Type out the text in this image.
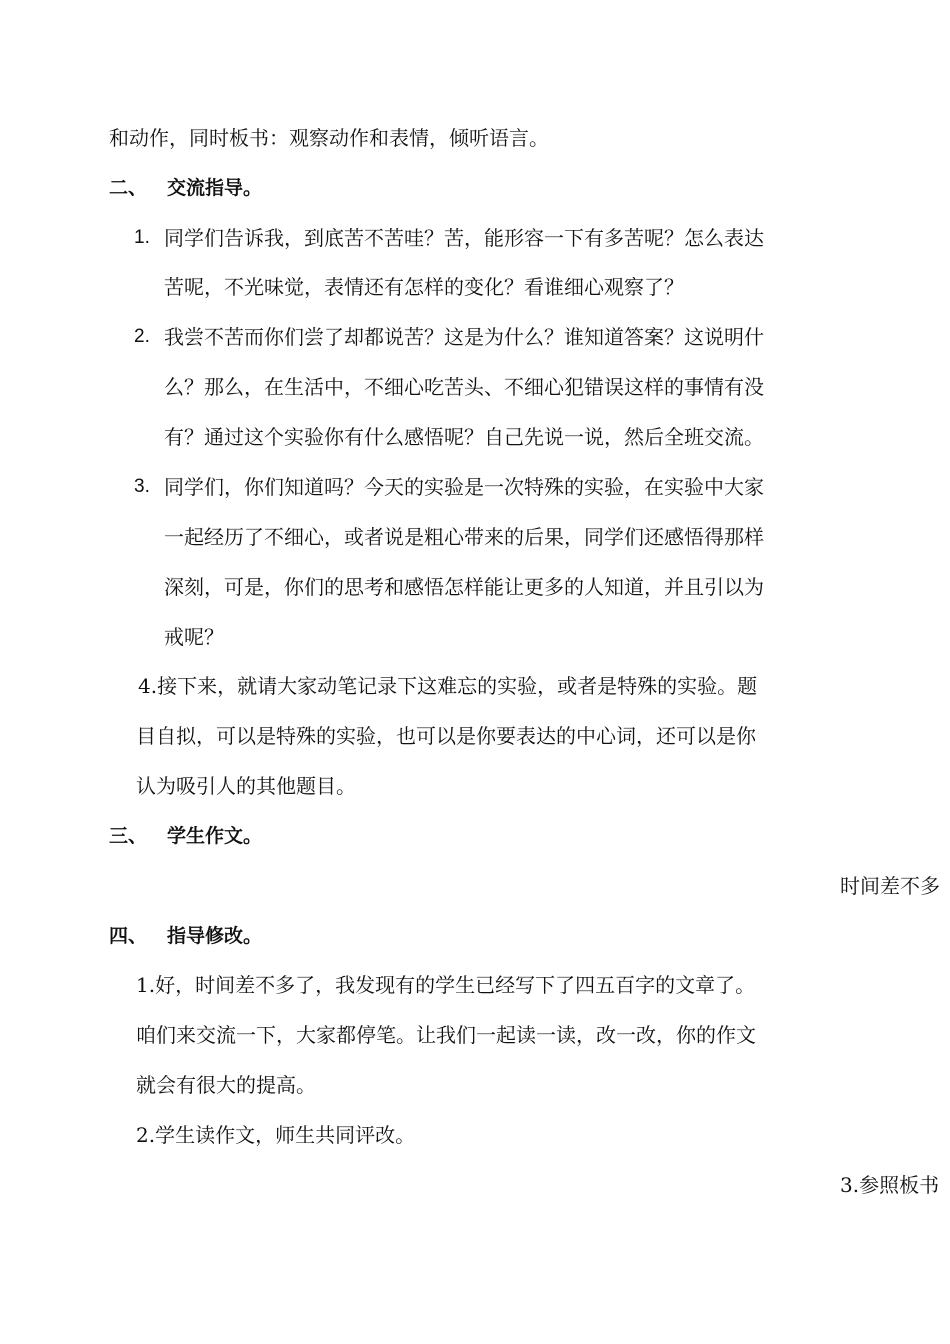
和动作，同时板书：观察动作和表情，倾听语言。

二、 交流指导。
1. 同学们告诉我，到底苦不苦哇？苦，能形容一下有多苦呢？怎么表达

苦呢，不光味觉，表情还有怎样的变化？看谁细心观察了？

2. 我尝不苦而你们尝了却都说苦？这是为什么？谁知道答案？这说明什

么？那么，在生活中，不细心吃苦头、不细心犯错误这样的事情有没

有？通过这个实验你有什么感悟呢？自己先说一说，然后全班交流。

3. 同学们，你们知道吗？今天的实验是一次特殊的实验，在实验中大家

一起经历了不细心，或者说是粗心带来的后果，同学们还感悟得那样

深刻，可是，你们的思考和感悟怎样能让更多的人知道，并且引以为

戒呢？

4.接下来，就请大家动笔记录下这难忘的实验，或者是特殊的实验。题

目自拟，可以是特殊的实验，也可以是你要表达的中心词，还可以是你

认为吸引人的其他题目。

三、 学生作文。

时间差不多

四、 指导修改。

1.好，时间差不多了，我发现有的学生已经写下了四五百字的文章了。

咱们来交流一下，大家都停笔。让我们一起读一读，改一改，你的作文

就会有很大的提高。

2.学生读作文，师生共同评改。

3.参照板书
